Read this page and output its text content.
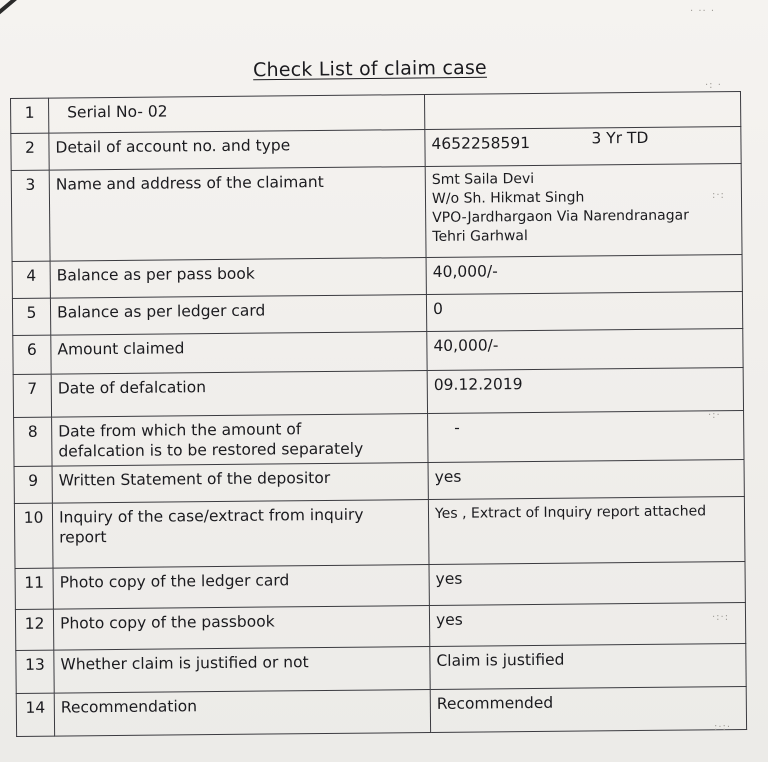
Check List of claim case
1	Serial No- 02	
2	Detail of account no. and type	4652258591 3 Yr TD

3	Name and address of the claimant	Smt Saila Devi
W/o Sh. Hikmat Singh
VPO-Jardhargaon Via Narendranagar
Tehri Garhwal

4	Balance as per pass book	40,000/-
5	Balance as per ledger card	0
6	Amount claimed	40,000/-
7	Date of defalcation	09.12.2019
8	Date from which the amount of
defalcation is to be restored separately	-
9	Written Statement of the depositor	yes
10	Inquiry of the case/extract from inquiry
report	Yes , Extract of Inquiry report attached
11	Photo copy of the ledger card	yes
12	Photo copy of the passbook	yes
13	Whether claim is justified or not	Claim is justified
14	Recommendation	Recommended
· ·· ·
·: ·
:·:
·:·
·:·:
:·:·
